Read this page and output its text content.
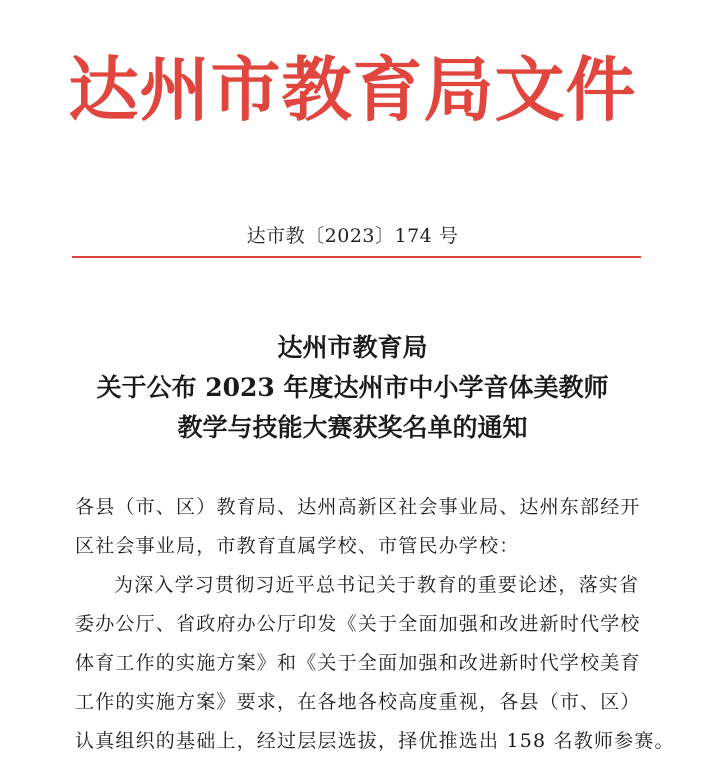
达州市教育局文件
达市教〔2023〕174 号
达州市教育局
关于公布 2023 年度达州市中小学音体美教师
教学与技能大赛获奖名单的通知
各县（市、区）教育局、达州高新区社会事业局、达州东部经开
区社会事业局，市教育直属学校、市管民办学校：
为深入学习贯彻习近平总书记关于教育的重要论述，落实省
委办公厅、省政府办公厅印发《关于全面加强和改进新时代学校
体育工作的实施方案》和《关于全面加强和改进新时代学校美育
工作的实施方案》要求，在各地各校高度重视，各县（市、区）
认真组织的基础上，经过层层选拔，择优推选出 158 名教师参赛。
